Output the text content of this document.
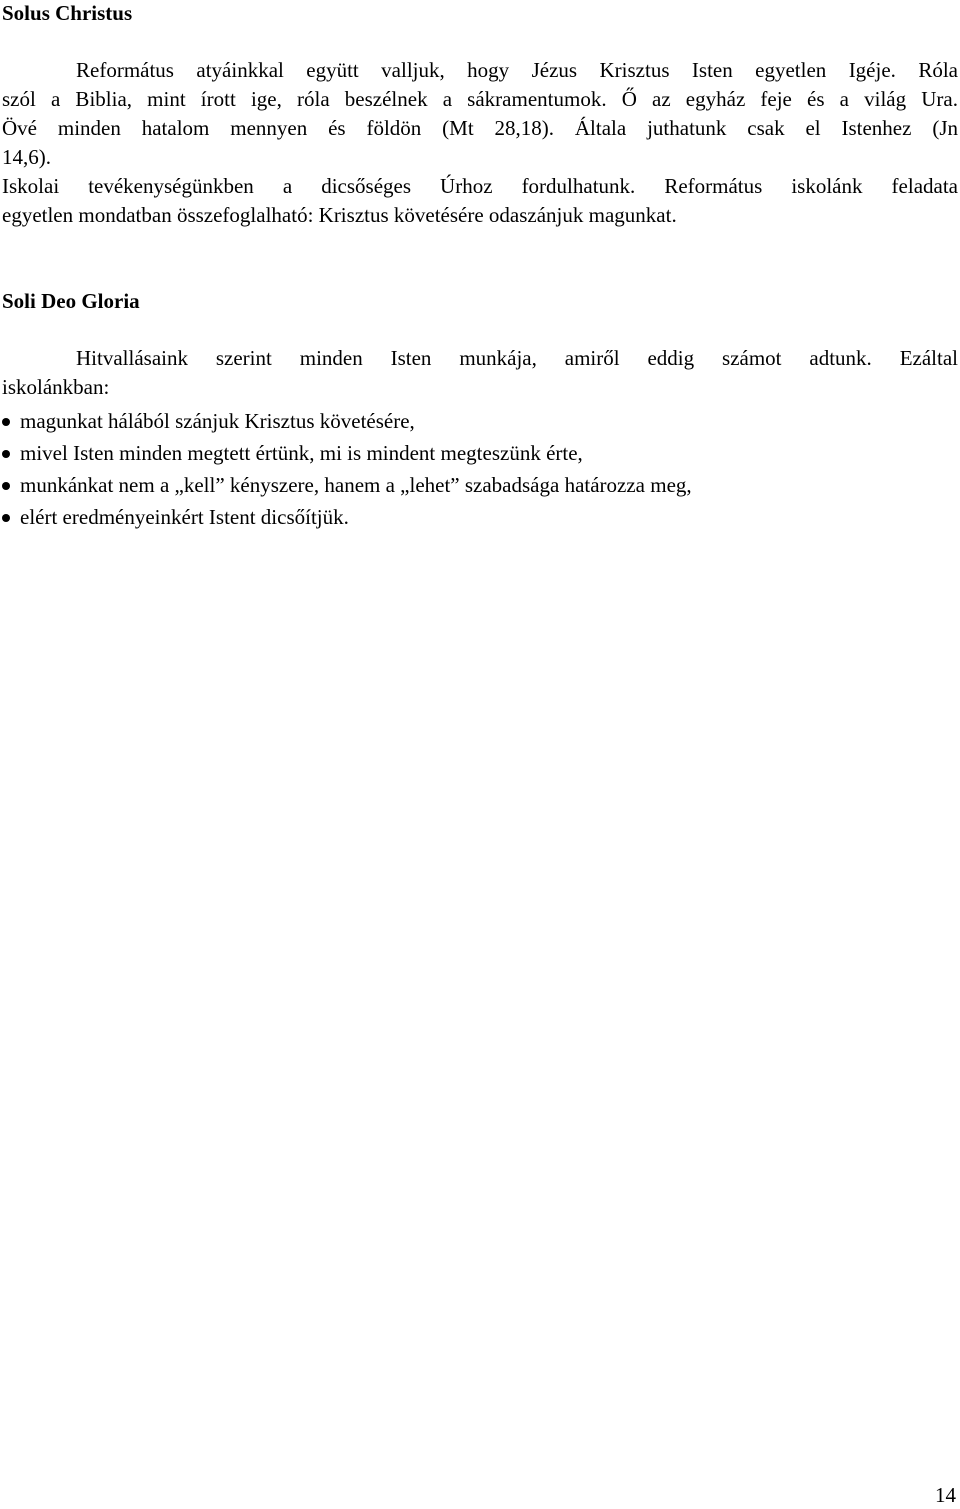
Solus Christus
Református atyáinkkal együtt valljuk, hogy Jézus Krisztus Isten egyetlen Igéje. Róla
szól a Biblia, mint írott ige, róla beszélnek a sákramentumok. Ő az egyház feje és a világ Ura.
Övé minden hatalom mennyen és földön (Mt 28,18). Általa juthatunk csak el Istenhez (Jn
14,6).
Iskolai tevékenységünkben a dicsőséges Úrhoz fordulhatunk. Református iskolánk feladata
egyetlen mondatban összefoglalható: Krisztus követésére odaszánjuk magunkat.
Soli Deo Gloria
Hitvallásaink szerint minden Isten munkája, amiről eddig számot adtunk. Ezáltal
iskolánkban:
magunkat hálából szánjuk Krisztus követésére,
mivel Isten minden megtett értünk, mi is mindent megteszünk érte,
munkánkat nem a „kell” kényszere, hanem a „lehet” szabadsága határozza meg,
elért eredményeinkért Istent dicsőítjük.
14
